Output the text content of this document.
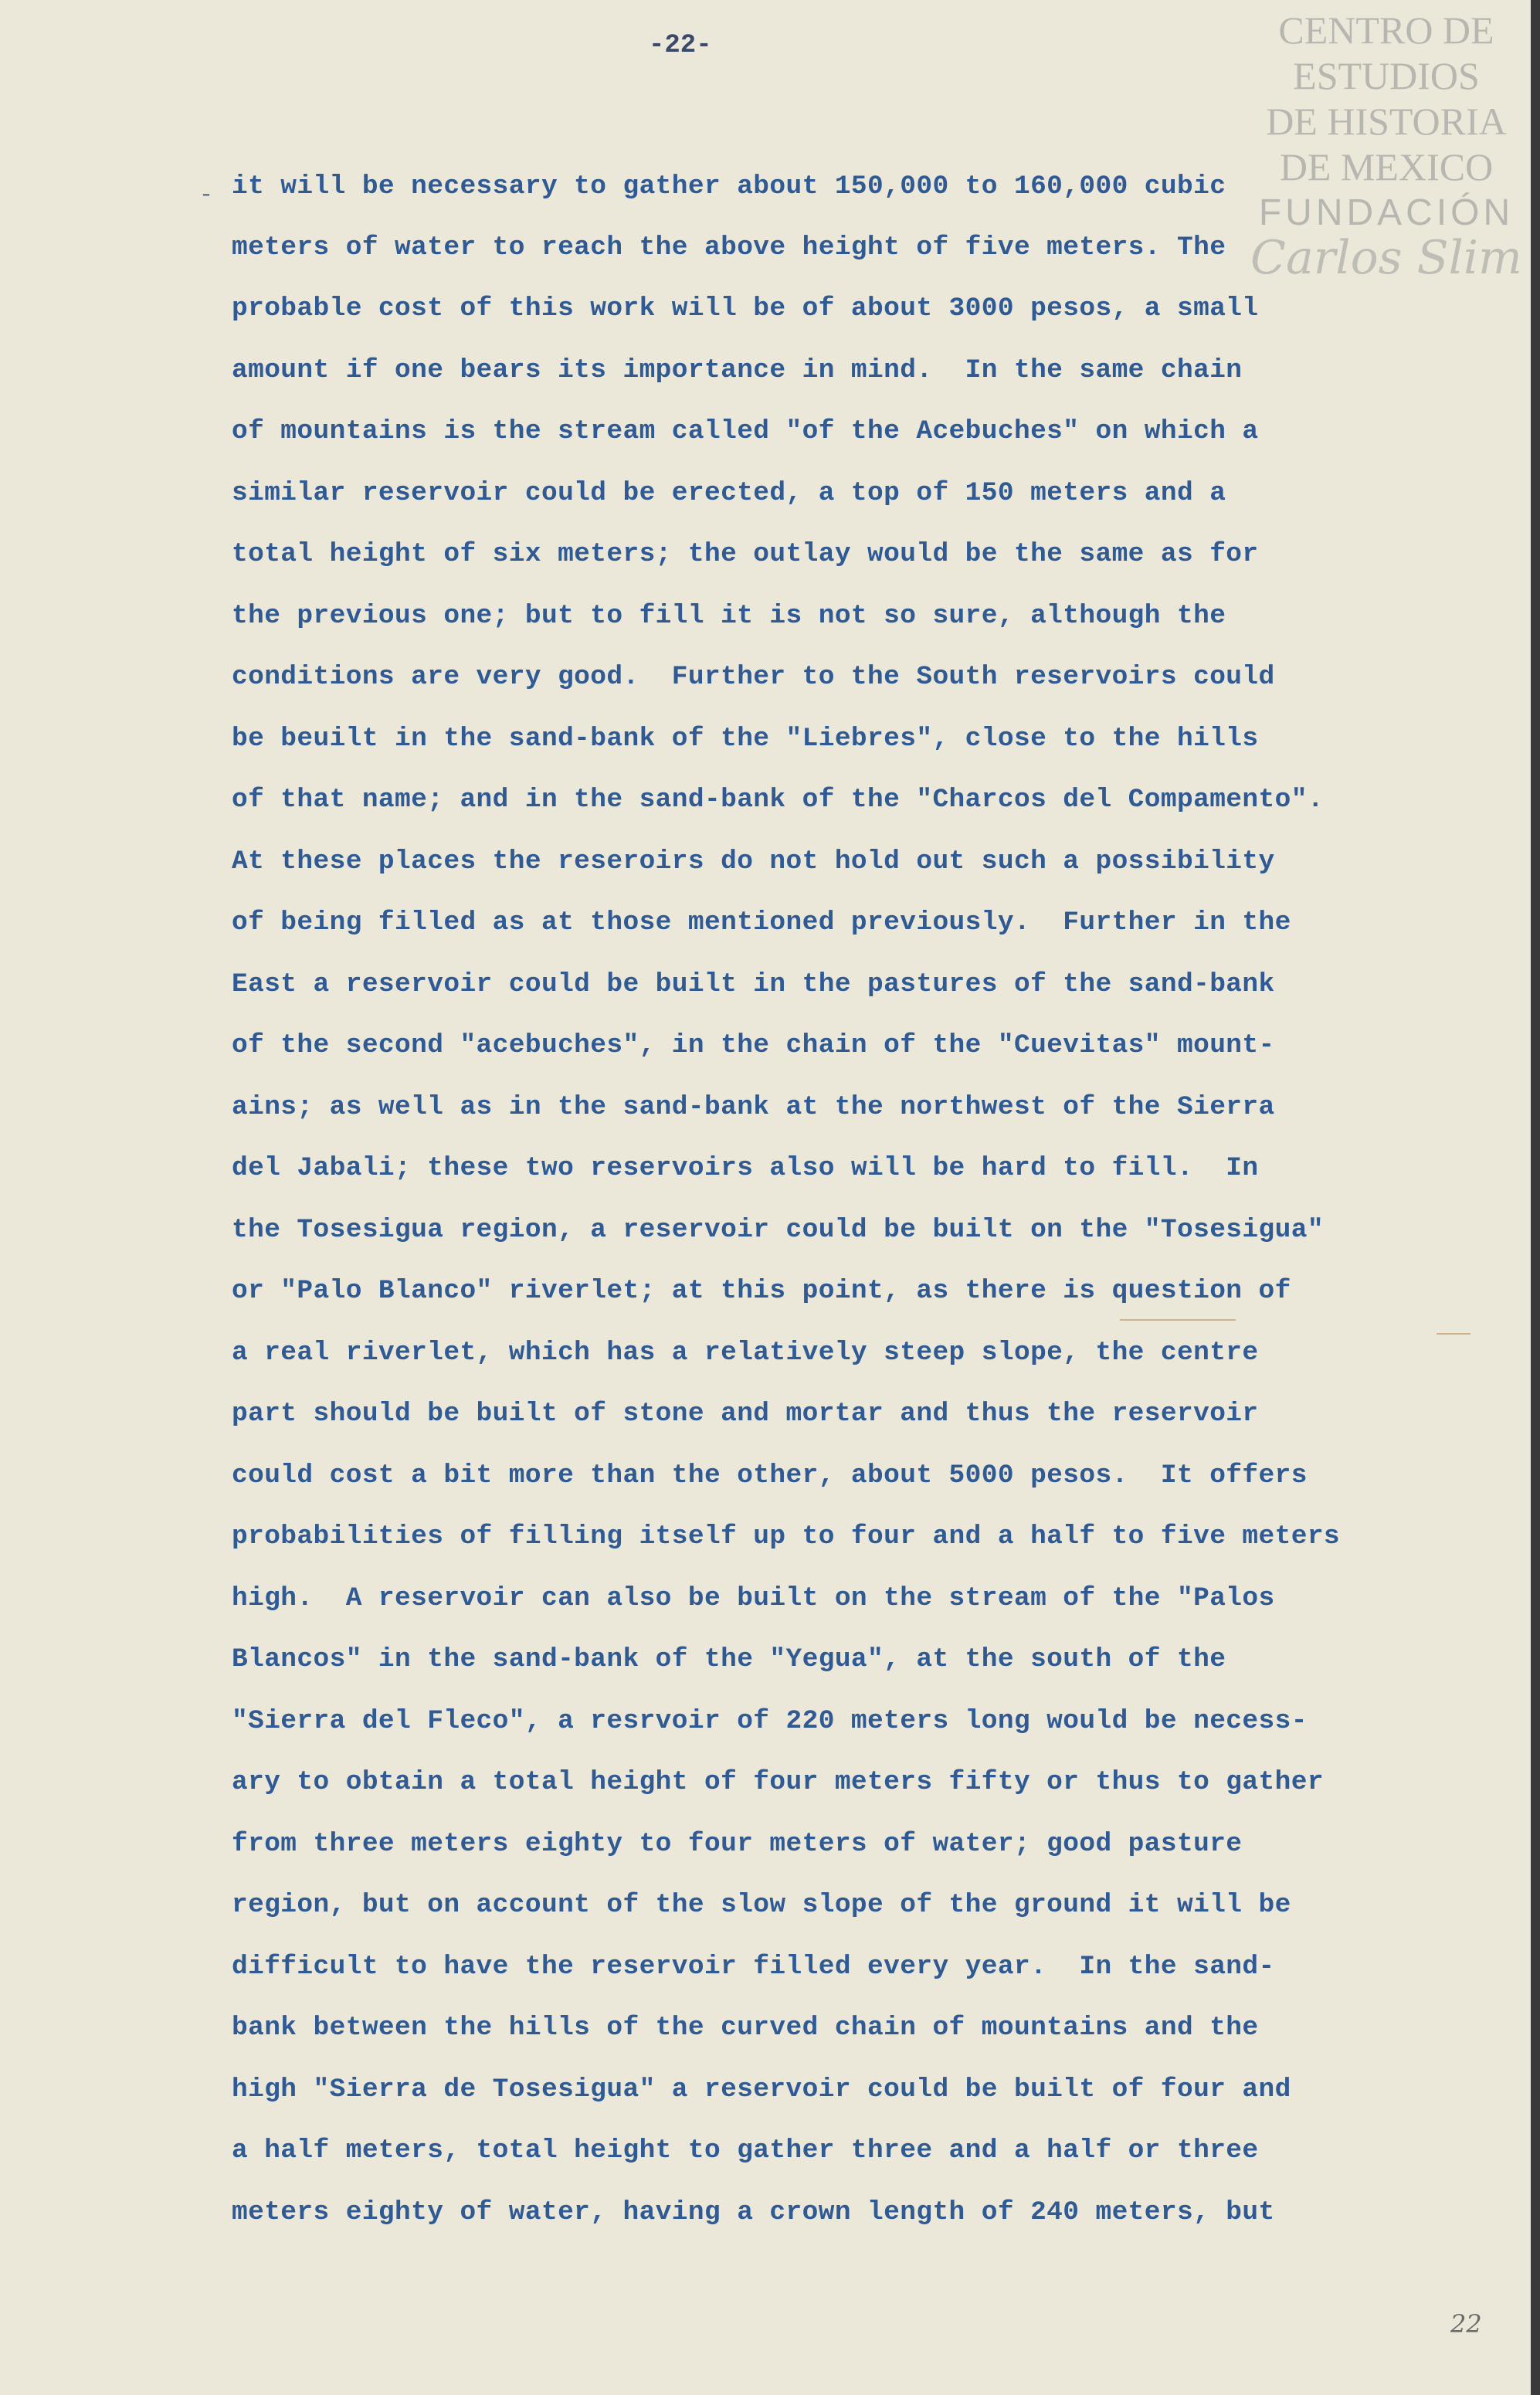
-22-	CENTRO DE
ESTUDIOS
DE HISTORIA
DE MEXICO
FUNDACIÓN
Carlos Slim
- it will be necessary to gather about 150,000 to 160,000 cubic
meters of water to reach the above height of five meters. The
probable cost of this work will be of about 3000 pesos, a small
amount if one bears its importance in mind.  In the same chain
of mountains is the stream called "of the Acebuches" on which a
similar reservoir could be erected, a top of 150 meters and a
total height of six meters; the outlay would be the same as for
the previous one; but to fill it is not so sure, although the
conditions are very good.  Further to the South reservoirs could
be beuilt in the sand-bank of the "Liebres", close to the hills
of that name; and in the sand-bank of the "Charcos del Compamento".
At these places the reseroirs do not hold out such a possibility
of being filled as at those mentioned previously.  Further in the
East a reservoir could be built in the pastures of the sand-bank
of the second "acebuches", in the chain of the "Cuevitas" mount-
ains; as well as in the sand-bank at the northwest of the Sierra
del Jabali; these two reservoirs also will be hard to fill.  In
the Tosesigua region, a reservoir could be built on the "Tosesigua"
or "Palo Blanco" riverlet; at this point, as there is question of
a real riverlet, which has a relatively steep slope, the centre
part should be built of stone and mortar and thus the reservoir
could cost a bit more than the other, about 5000 pesos.  It offers
probabilities of filling itself up to four and a half to five meters
high.  A reservoir can also be built on the stream of the "Palos
Blancos" in the sand-bank of the "Yegua", at the south of the
"Sierra del Fleco", a resrvoir of 220 meters long would be necess-
ary to obtain a total height of four meters fifty or thus to gather
from three meters eighty to four meters of water; good pasture
region, but on account of the slow slope of the ground it will be
difficult to have the reservoir filled every year.  In the sand-
bank between the hills of the curved chain of mountains and the
high "Sierra de Tosesigua" a reservoir could be built of four and
a half meters, total height to gather three and a half or three
meters eighty of water, having a crown length of 240 meters, but
22
